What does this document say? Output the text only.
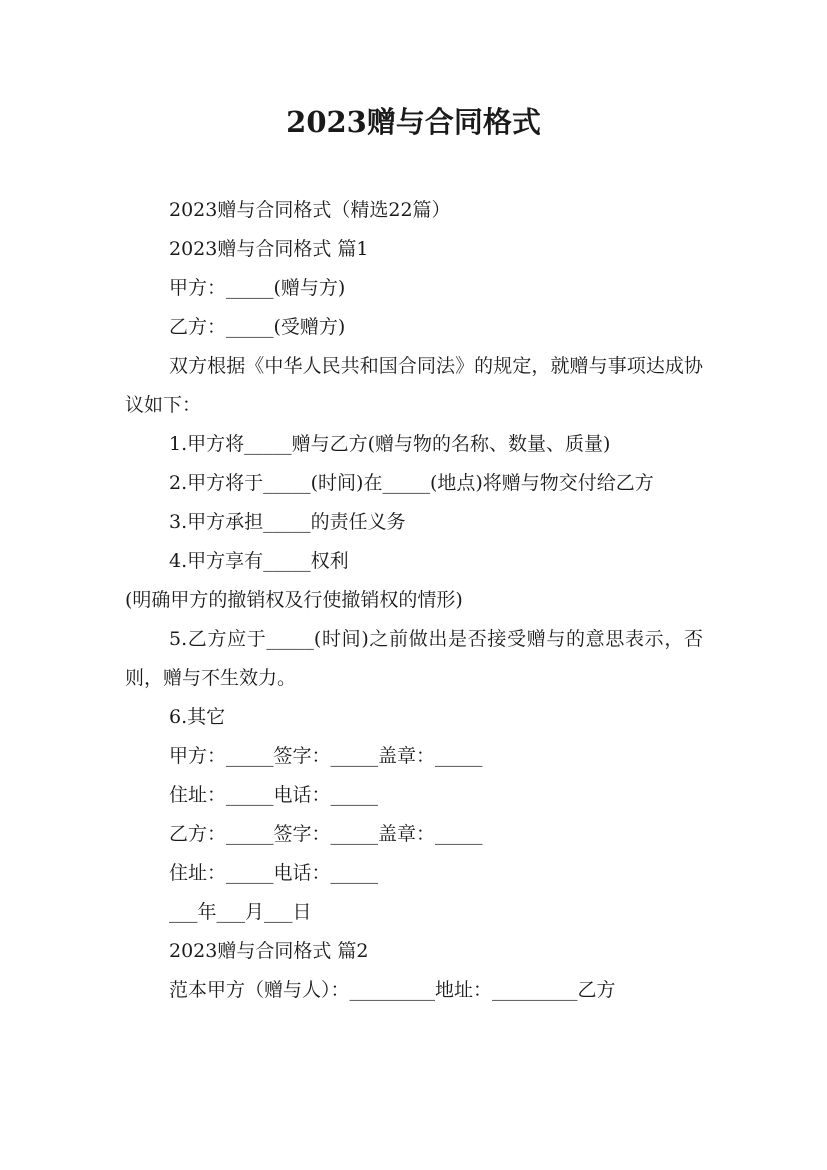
2023赠与合同格式

2023赠与合同格式（精选22篇）

2023赠与合同格式 篇1

甲方：_____(赠与方)

乙方：_____(受赠方)

双方根据《中华人民共和国合同法》的规定，就赠与事项达成协议如下：

1.甲方将_____赠与乙方(赠与物的名称、数量、质量)

2.甲方将于_____(时间)在_____(地点)将赠与物交付给乙方

3.甲方承担_____的责任义务

4.甲方享有_____权利

(明确甲方的撤销权及行使撤销权的情形)

5.乙方应于_____(时间)之前做出是否接受赠与的意思表示，否则，赠与不生效力。

6.其它

甲方：_____签字：_____盖章：_____

住址：_____电话：_____

乙方：_____签字：_____盖章：_____

住址：_____电话：_____

___年___月___日

2023赠与合同格式 篇2

范本甲方（赠与人）：_________地址：_________乙方
